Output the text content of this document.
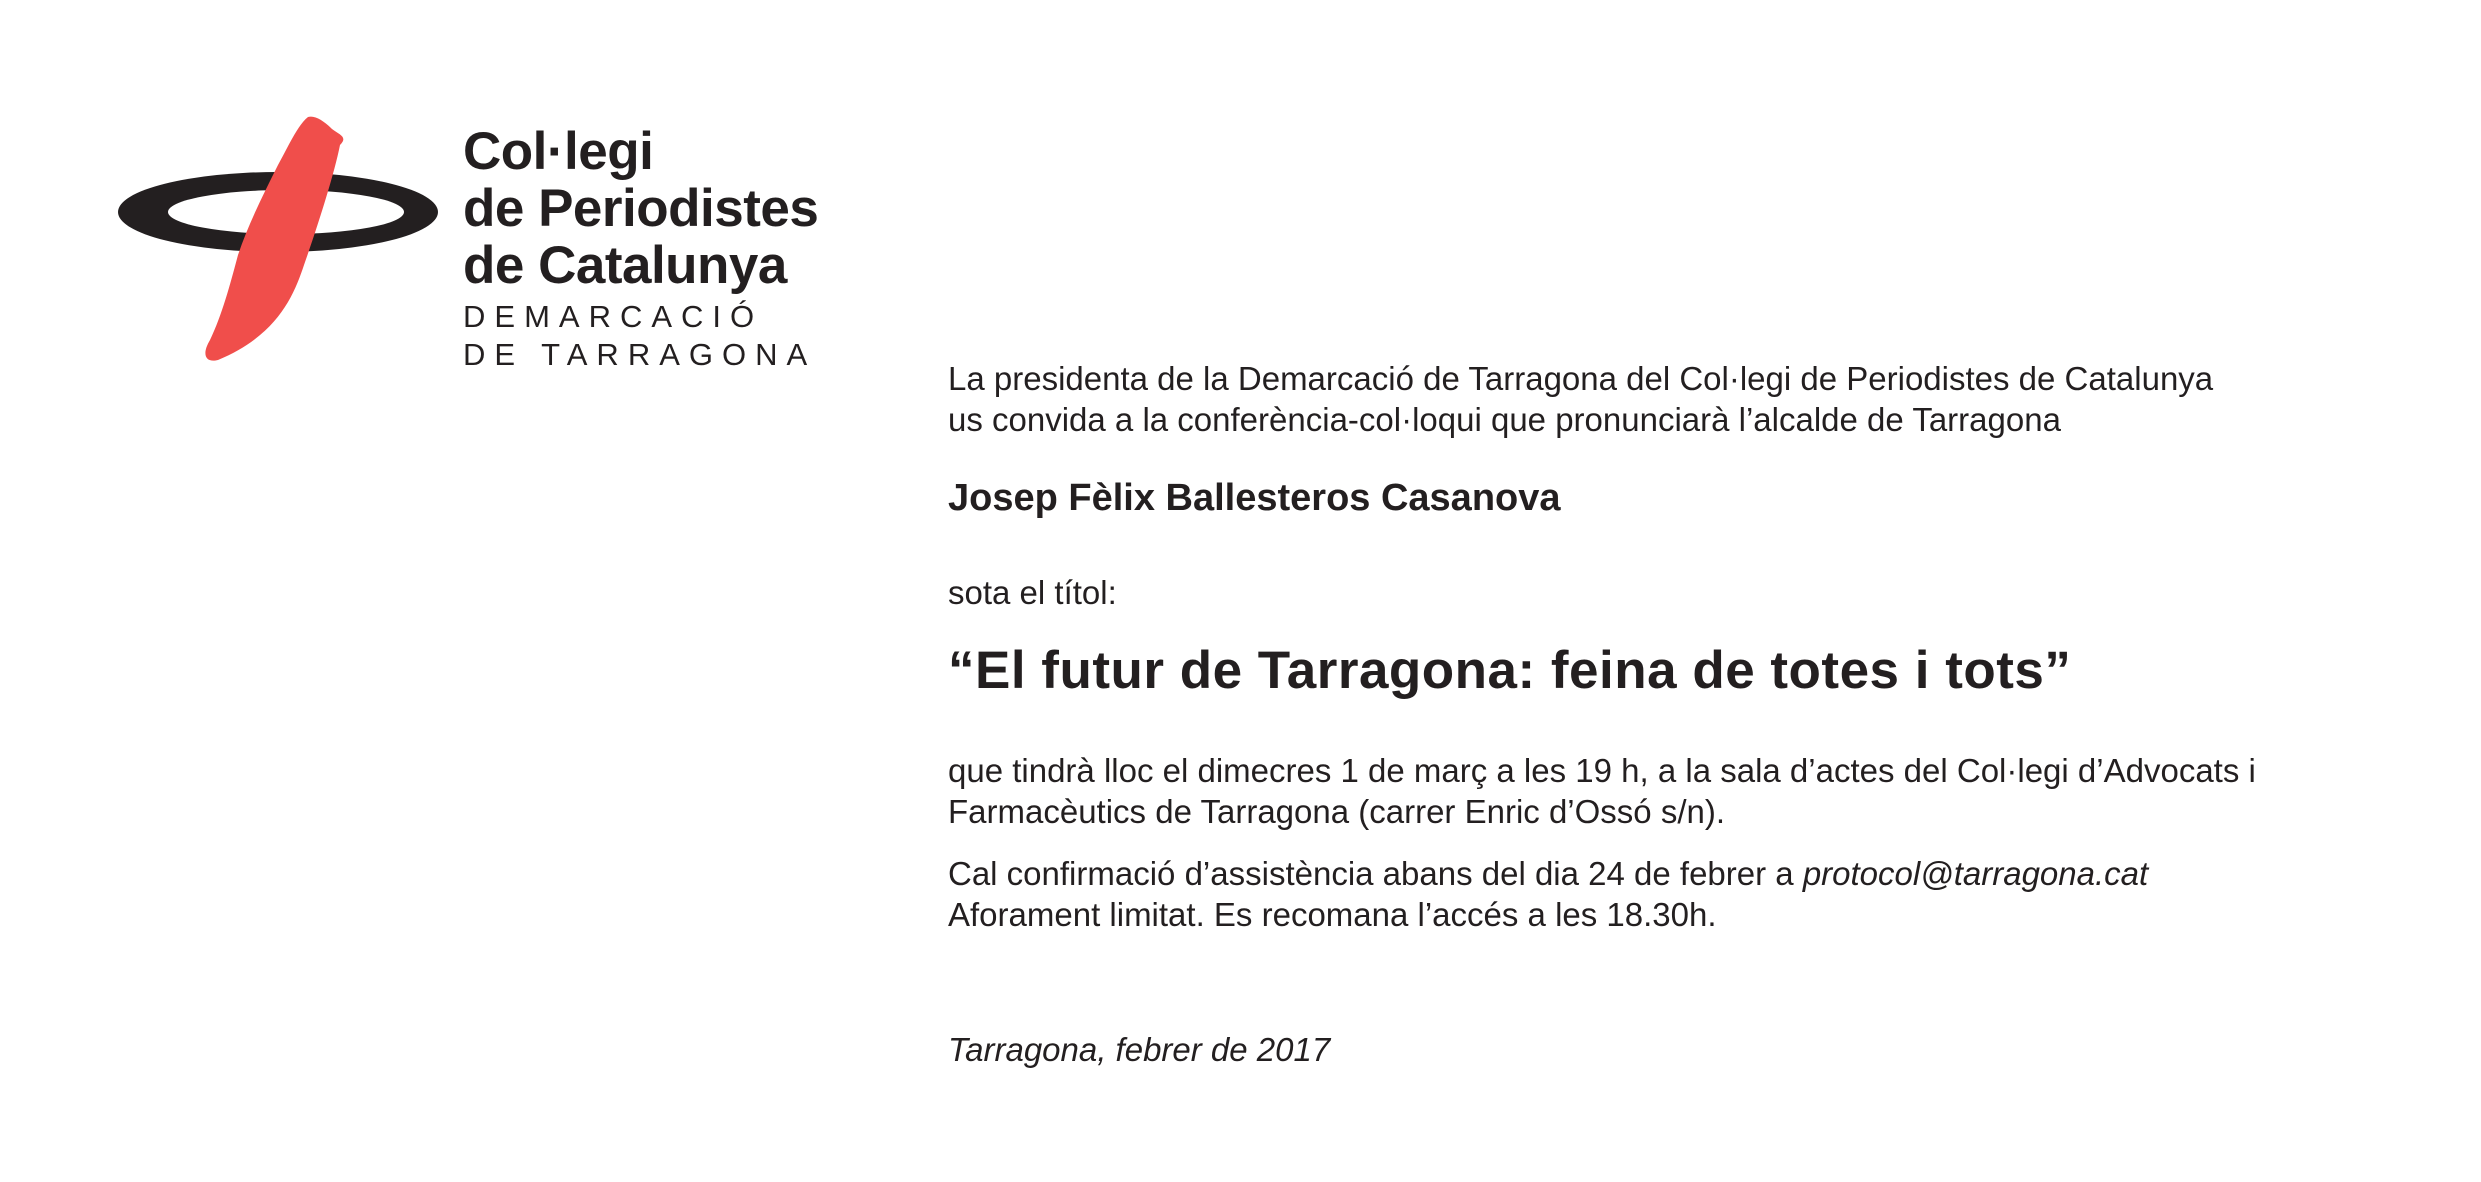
Col·legi
de Periodistes
de Catalunya
DEMARCACIÓ
DE TARRAGONA

La presidenta de la Demarcació de Tarragona del Col·legi de Periodistes de Catalunya

us convida a la conferència-col·loqui que pronunciarà l’alcalde de Tarragona

Josep Fèlix Ballesteros Casanova
sota el títol:
“El futur de Tarragona: feina de totes i tots”

que tindrà lloc el dimecres 1 de març a les 19 h, a la sala d’actes del Col·legi d’Advocats i

Farmacèutics de Tarragona (carrer Enric d’Ossó s/n).

Cal confirmació d’assistència abans del dia 24 de febrer a protocol@tarragona.cat

Aforament limitat. Es recomana l’accés a les 18.30h.

Tarragona, febrer de 2017
